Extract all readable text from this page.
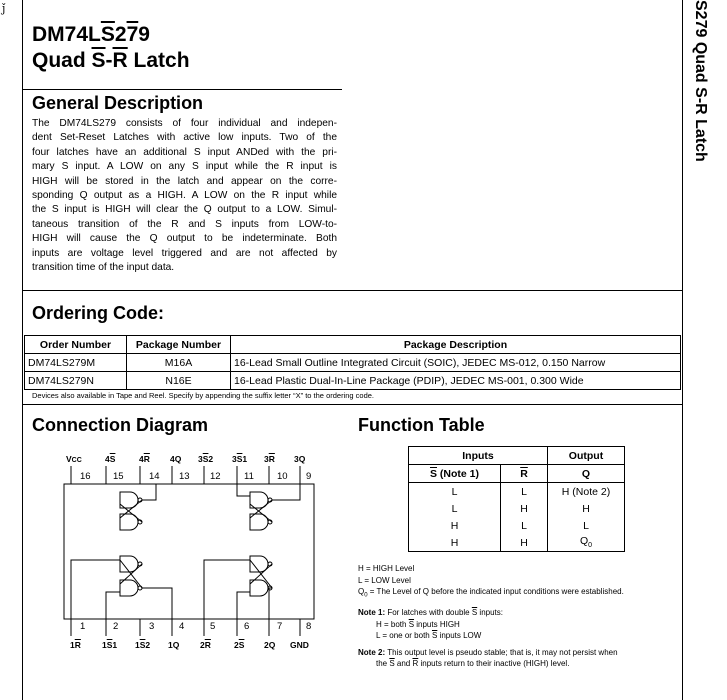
ǰ	S279 Quad S-R Latch
$DM74L\overline{S}279$
Quad $\overline{S}-\overline{R}$ Latch
General Description
The DM74LS279 consists of four individual and indepen-
dent Set-Reset Latches with active low inputs. Two of the
four latches have an additional S input ANDed with the pri-
mary S input. A LOW on any S input while the R input is
HIGH will be stored in the latch and appear on the corre-
sponding Q output as a HIGH. A LOW on the R input while
the S input is HIGH will clear the Q output to a LOW. Simul-
taneous transition of the R and S inputs from LOW-to-
HIGH will cause the Q output to be indeterminate. Both
inputs are voltage level triggered and are not affected by
transition time of the input data.
Ordering Code:
Order Number	Package Number	Package Description
DM74LS279M	M16A	16-Lead Small Outline Integrated Circuit (SOIC), JEDEC MS-012, 0.150 Narrow
DM74LS279N	N16E	16-Lead Plastic Dual-In-Line Package (PDIP), JEDEC MS-001, 0.300 Wide
Devices also available in Tape and Reel. Specify by appending the suffix letter “X” to the ordering code.
Connection Diagram
VCC	$4\overline{S}$	$4\overline{R}$ 4Q $3\overline{S}2$ $3\overline{S}1$ $3\overline{R}$ 3Q
16 15	14 13 12 11 10 9
1	2	3	4	5	6	7 8
$1\overline{R}$ $1\overline{S}1$ $1\overline{S}2$ 1Q $2\overline{R}$	$2\overline{S}$ 2Q GND
Function Table
Inputs		Output
$\overline{S}$ (Note 1)	$\overline{R}$	Q
L	L	H (Note 2)
L	H	H
H	L	L
H	H	$Q_0$
H = HIGH Level
L = LOW Level
$Q_0$ = The Level of Q before the indicated input conditions were established.
Note 1: For latches with double $\overline{S}$ inputs:
H = both $\overline{S}$ inputs HIGH
L = one or both $\overline{S}$ inputs LOW
Note 2: This output level is pseudo stable; that is, it may not persist when
the $\overline{S}$ and $\overline{R}$ inputs return to their inactive (HIGH) level.
